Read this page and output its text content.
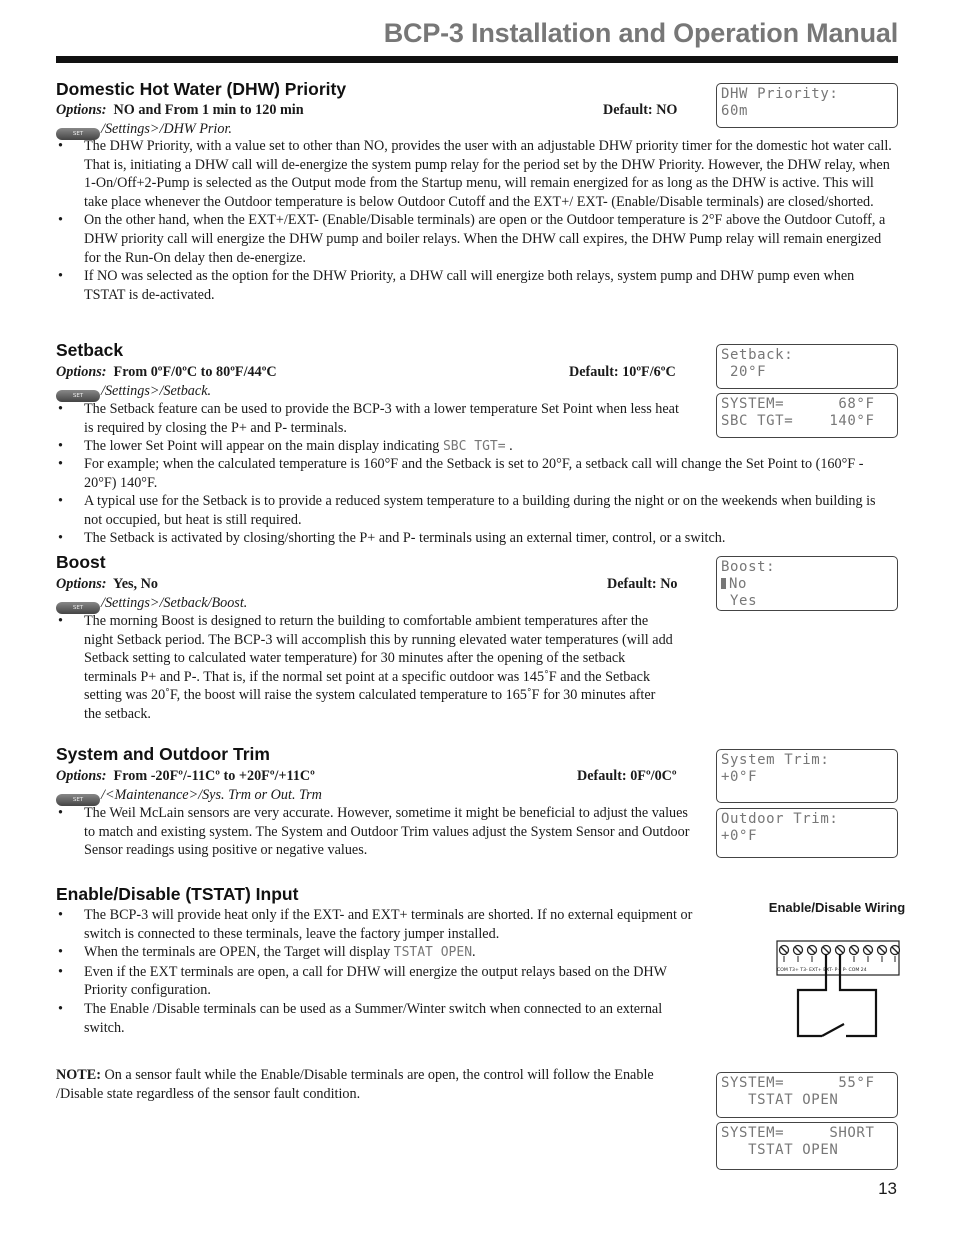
BCP-3 Installation and Operation Manual
Domestic Hot Water (DHW) Priority
Options: NO and From 1 min to 120 min	Default: NO
SET /Settings>/DHW Prior.
• The DHW Priority, with a value set to other than NO, provides the user with an adjustable DHW priority timer for the domestic hot water call. That is, initiating a DHW call will de-energize the system pump relay for the period set by the DHW Priority. However, the DHW relay, when 1-On/Off+2-Pump is selected as the Output mode from the Startup menu, will remain energized for as long as the DHW is active. This will take place whenever the Outdoor temperature is below Outdoor Cutoff and the EXT+/ EXT- (Enable/Disable terminals) are closed/shorted.
• On the other hand, when the EXT+/EXT- (Enable/Disable terminals) are open or the Outdoor temperature is 2°F above the Outdoor Cutoff, a DHW priority call will energize the DHW pump and boiler relays. When the DHW call expires, the DHW Pump relay will remain energized for the Run-On delay then de-energize.
• If NO was selected as the option for the DHW Priority, a DHW call will energize both relays, system pump and DHW pump even when TSTAT is de-activated.
DHW Priority:
60m
Setback
Options: From 0ºF/0ºC to 80ºF/44ºC	Default: 10ºF/6ºC
SET /Settings>/Setback.
• The Setback feature can be used to provide the BCP-3 with a lower temperature Set Point when less heat is required by closing the P+ and P- terminals.
• The lower Set Point will appear on the main display indicating SBC TGT= .
• For example; when the calculated temperature is 160°F and the Setback is set to 20°F, a setback call will change the Set Point to (160°F - 20°F) 140°F.
• A typical use for the Setback is to provide a reduced system temperature to a building during the night or on the weekends when building is not occupied, but heat is still required.
• The Setback is activated by closing/shorting the P+ and P- terminals using an external timer, control, or a switch.
Setback:
20°F
SYSTEM=      68°F
SBC TGT=    140°F
Boost
Options: Yes, No	Default: No
SET /Settings>/Setback/Boost.
• The morning Boost is designed to return the building to comfortable ambient temperatures after the night Setback period. The BCP-3 will accomplish this by running elevated water temperatures (will add Setback setting to calculated water temperature) for 30 minutes after the opening of the setback terminals P+ and P-. That is, if the normal set point at a specific outdoor was 145˚F and the Setback setting was 20˚F, the boost will raise the system calculated temperature to 165˚F for 30 minutes after the setback.
Boost:
No
Yes
System and Outdoor Trim
Options: From -20Fº/-11Cº to +20Fº/+11Cº	Default: 0Fº/0Cº
SET /<Maintenance>/Sys. Trm or Out. Trm
• The Weil McLain sensors are very accurate. However, sometime it might be beneficial to adjust the values to match and existing system. The System and Outdoor Trim values adjust the System Sensor and Outdoor Sensor readings using positive or negative values.
System Trim:
+0°F
Outdoor Trim:
+0°F
Enable/Disable (TSTAT) Input
• The BCP-3 will provide heat only if the EXT- and EXT+ terminals are shorted. If no external equipment or switch is connected to these terminals, leave the factory jumper installed.
• When the terminals are OPEN, the Target will display TSTAT OPEN.
• Even if the EXT terminals are open, a call for DHW will energize the output relays based on the DHW Priority configuration.
• The Enable /Disable terminals can be used as a Summer/Winter switch when connected to an external switch.
Enable/Disable Wiring
COM T3+ T3- EXT+ EXT- P+ P- COM 24
SYSTEM=      55°F
TSTAT OPEN
SYSTEM=     SHORT
TSTAT OPEN
NOTE: On a sensor fault while the Enable/Disable terminals are open, the control will follow the Enable /Disable state regardless of the sensor fault condition.
13
